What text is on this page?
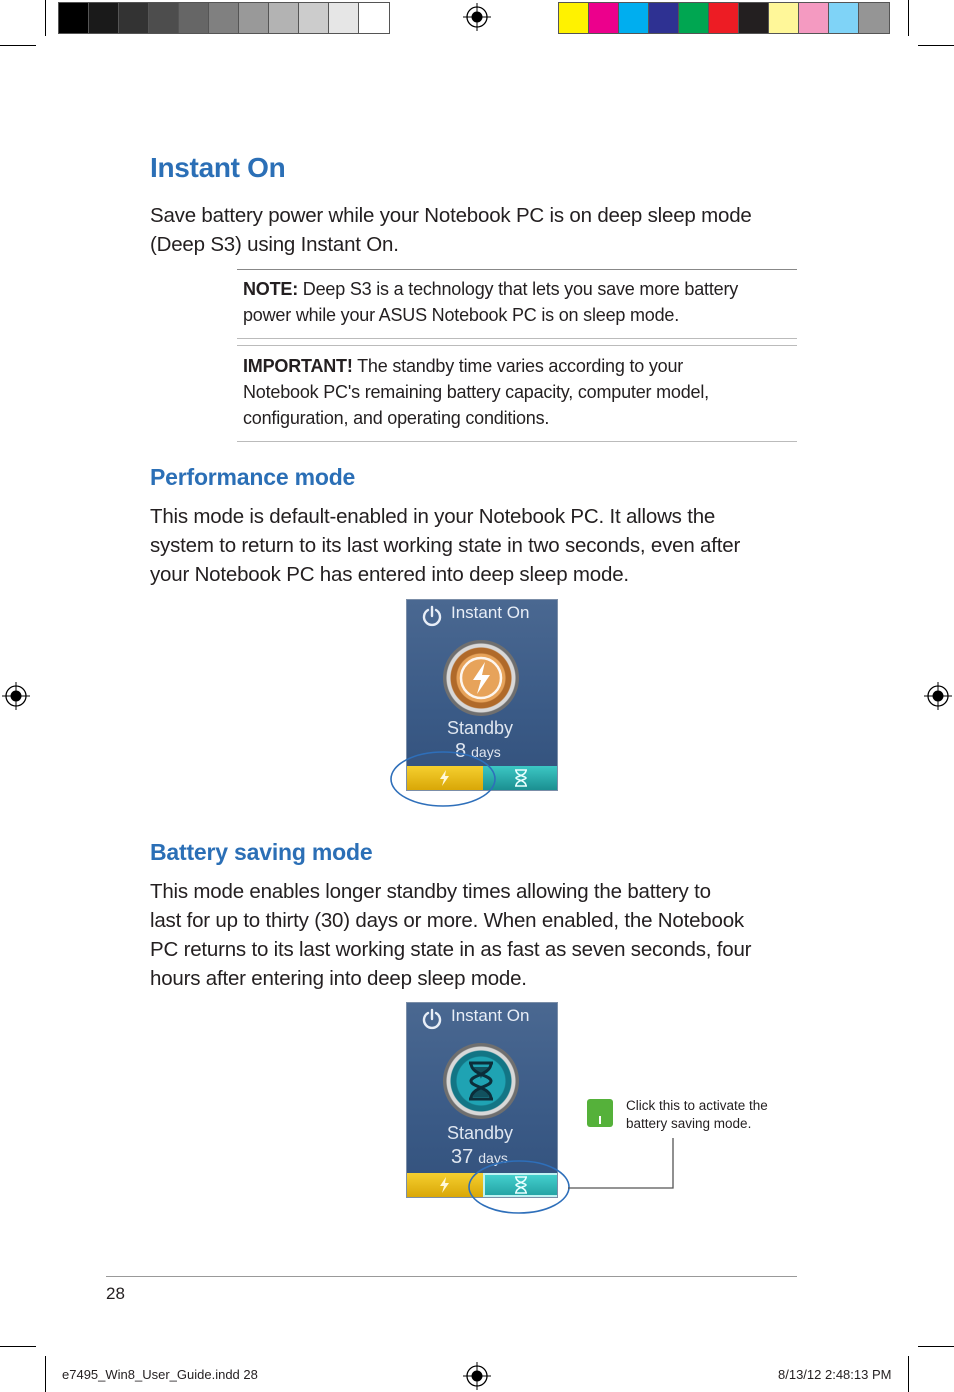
Instant On
Save battery power while your Notebook PC is on deep sleep mode
(Deep S3) using Instant On.
NOTE: Deep S3 is a technology that lets you save more battery
power while your ASUS Notebook PC is on sleep mode.
IMPORTANT! The standby time varies according to your
Notebook PC's remaining battery capacity, computer model,
configuration, and operating conditions.
Performance mode
This mode is default-enabled in your Notebook PC. It allows the
system to return to its last working state in two seconds, even after
your Notebook PC has entered into deep sleep mode.
Instant On
Standby
8 days
Battery saving mode
This mode enables longer standby times allowing the battery to
last for up to thirty (30) days or more. When enabled, the Notebook
PC returns to its last working state in as fast as seven seconds, four
hours after entering into deep sleep mode.
Instant On
Standby
37 days
Click this to activate the
battery saving mode.
28
e7495_Win8_User_Guide.indd 28	8/13/12 2:48:13 PM
